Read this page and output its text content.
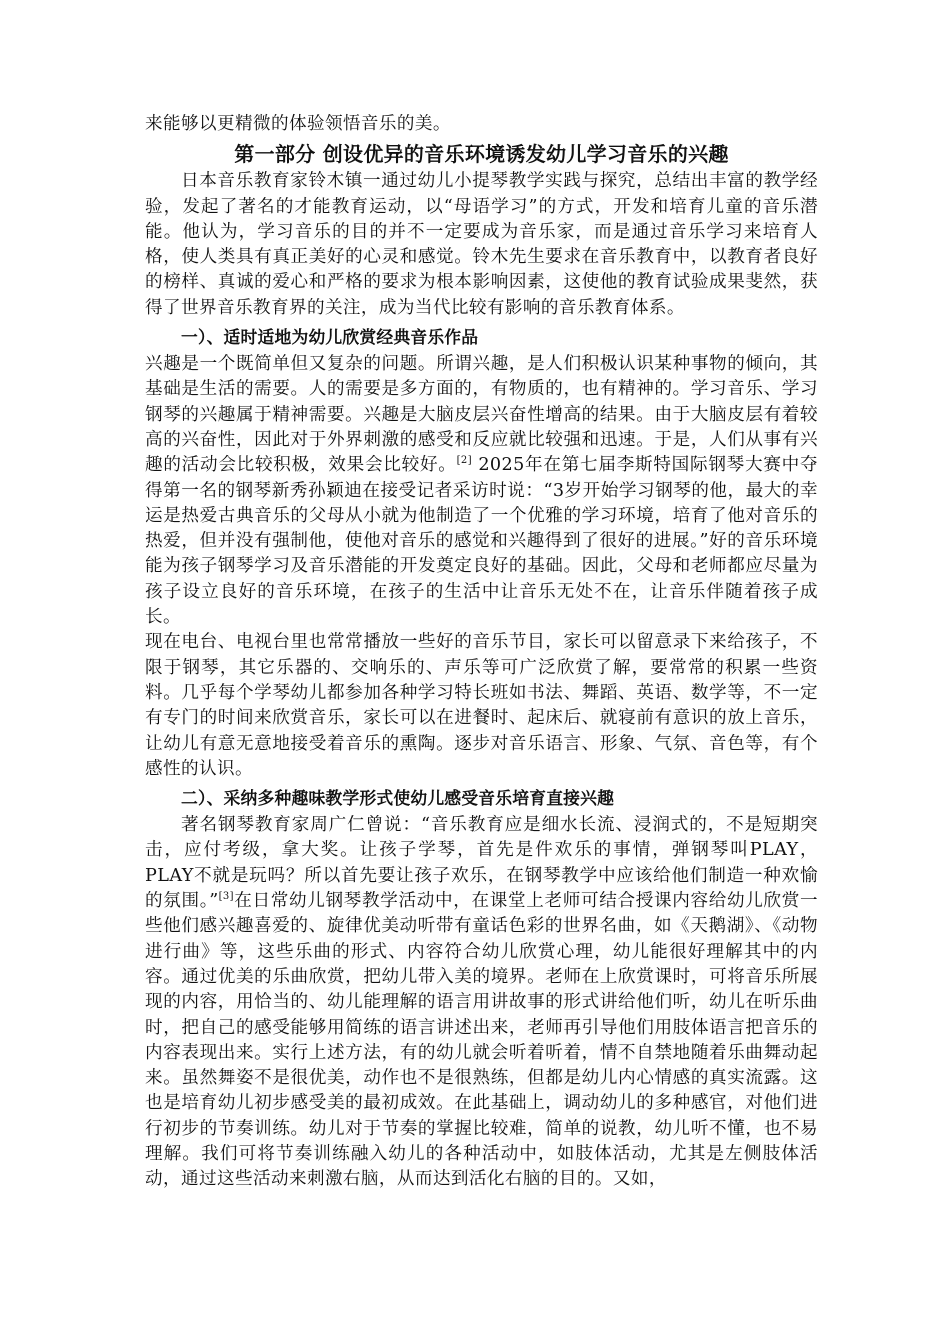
来能够以更精微的体验领悟音乐的美。

第一部分 创设优异的音乐环境诱发幼儿学习音乐的兴趣

日本音乐教育家铃木镇一通过幼儿小提琴教学实践与探究，总结出丰富的教学经验，发起了著名的才能教育运动，以“母语学习”的方式，开发和培育儿童的音乐潜能。他认为，学习音乐的目的并不一定要成为音乐家，而是通过音乐学习来培育人格，使人类具有真正美好的心灵和感觉。铃木先生要求在音乐教育中，以教育者良好的榜样、真诚的爱心和严格的要求为根本影响因素，这使他的教育试验成果斐然，获得了世界音乐教育界的关注，成为当代比较有影响的音乐教育体系。

一）、适时适地为幼儿欣赏经典音乐作品

兴趣是一个既简单但又复杂的问题。所谓兴趣，是人们积极认识某种事物的倾向，其基础是生活的需要。人的需要是多方面的，有物质的，也有精神的。学习音乐、学习钢琴的兴趣属于精神需要。兴趣是大脑皮层兴奋性增高的结果。由于大脑皮层有着较高的兴奋性，因此对于外界刺激的感受和反应就比较强和迅速。于是，人们从事有兴趣的活动会比较积极，效果会比较好。[2] 2025年在第七届李斯特国际钢琴大赛中夺得第一名的钢琴新秀孙颖迪在接受记者采访时说：“3岁开始学习钢琴的他，最大的幸运是热爱古典音乐的父母从小就为他制造了一个优雅的学习环境，培育了他对音乐的热爱，但并没有强制他，使他对音乐的感觉和兴趣得到了很好的进展。”好的音乐环境能为孩子钢琴学习及音乐潜能的开发奠定良好的基础。因此，父母和老师都应尽量为孩子设立良好的音乐环境，在孩子的生活中让音乐无处不在，让音乐伴随着孩子成长。

现在电台、电视台里也常常播放一些好的音乐节目，家长可以留意录下来给孩子，不限于钢琴，其它乐器的、交响乐的、声乐等可广泛欣赏了解，要常常的积累一些资料。几乎每个学琴幼儿都参加各种学习特长班如书法、舞蹈、英语、数学等，不一定有专门的时间来欣赏音乐，家长可以在进餐时、起床后、就寝前有意识的放上音乐，让幼儿有意无意地接受着音乐的熏陶。逐步对音乐语言、形象、气氛、音色等，有个感性的认识。

二）、采纳多种趣味教学形式使幼儿感受音乐培育直接兴趣

著名钢琴教育家周广仁曾说：“音乐教育应是细水长流、浸润式的，不是短期突击，应付考级，拿大奖。让孩子学琴，首先是件欢乐的事情，弹钢琴叫PLAY，PLAY不就是玩吗？所以首先要让孩子欢乐，在钢琴教学中应该给他们制造一种欢愉的氛围。”[3]在日常幼儿钢琴教学活动中，在课堂上老师可结合授课内容给幼儿欣赏一些他们感兴趣喜爱的、旋律优美动听带有童话色彩的世界名曲，如《天鹅湖》、《动物进行曲》等，这些乐曲的形式、内容符合幼儿欣赏心理，幼儿能很好理解其中的内容。通过优美的乐曲欣赏，把幼儿带入美的境界。老师在上欣赏课时，可将音乐所展现的内容，用恰当的、幼儿能理解的语言用讲故事的形式讲给他们听，幼儿在听乐曲时，把自己的感受能够用简练的语言讲述出来，老师再引导他们用肢体语言把音乐的内容表现出来。实行上述方法，有的幼儿就会听着听着，情不自禁地随着乐曲舞动起来。虽然舞姿不是很优美，动作也不是很熟练，但都是幼儿内心情感的真实流露。这也是培育幼儿初步感受美的最初成效。在此基础上，调动幼儿的多种感官，对他们进行初步的节奏训练。幼儿对于节奏的掌握比较难，简单的说教，幼儿听不懂，也不易理解。我们可将节奏训练融入幼儿的各种活动中，如肢体活动，尤其是左侧肢体活动，通过这些活动来刺激右脑，从而达到活化右脑的目的。又如，
